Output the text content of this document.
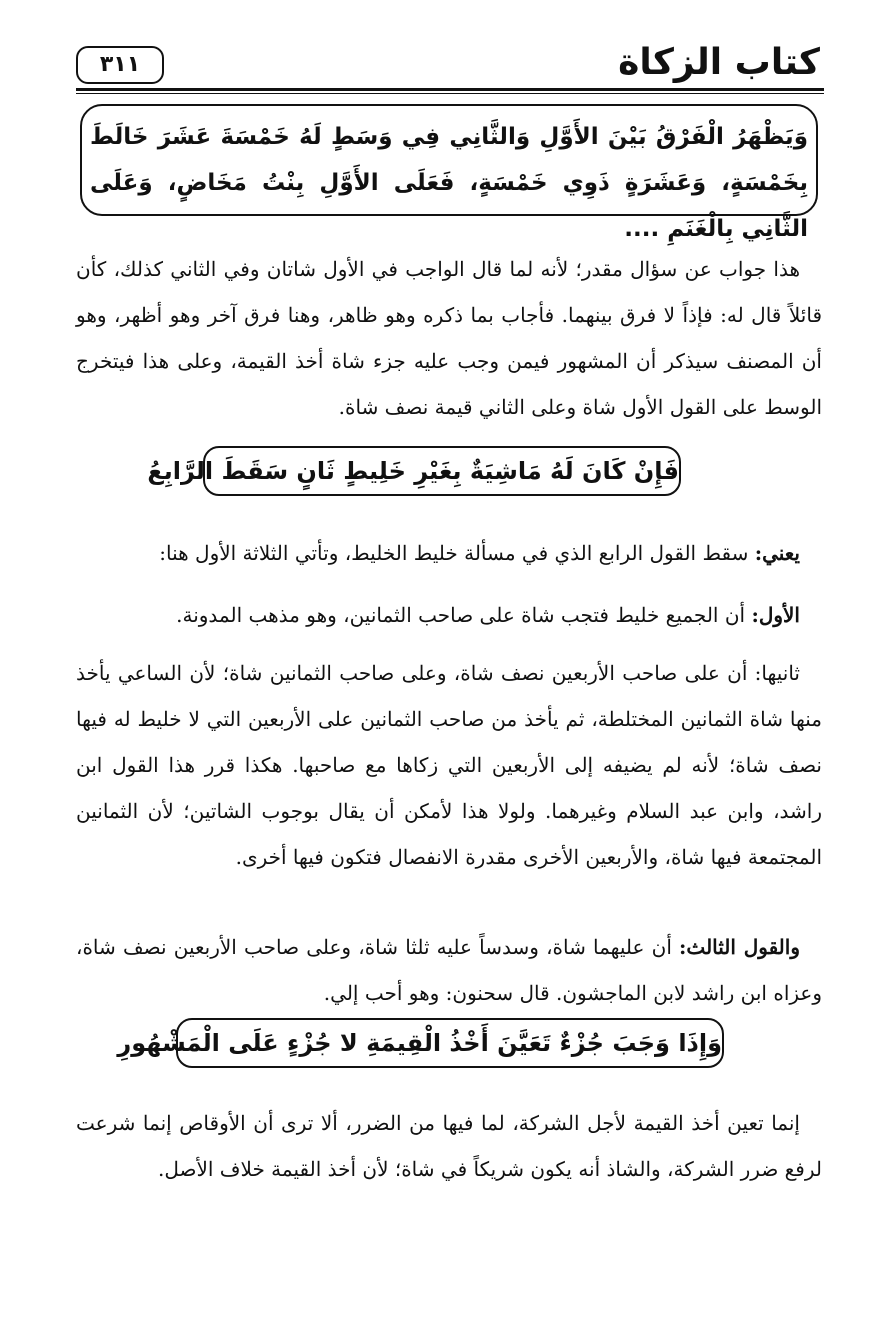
كتاب الزكاة
٣١١
وَيَظْهَرُ الْفَرْقُ بَيْنَ الأَوَّلِ وَالثَّانِي فِي وَسَطٍ لَهُ خَمْسَةَ عَشَرَ خَالَطَ بِخَمْسَةٍ، وَعَشَرَةٍ ذَوِي خَمْسَةٍ، فَعَلَى الأَوَّلِ بِنْتُ مَخَاضٍ، وَعَلَى الثَّانِي بِالْغَنَمِ ....

هذا جواب عن سؤال مقدر؛ لأنه لما قال الواجب في الأول شاتان وفي الثاني كذلك، كأن قائلاً قال له: فإذاً لا فرق بينهما. فأجاب بما ذكره وهو ظاهر، وهنا فرق آخر وهو أظهر، وهو أن المصنف سيذكر أن المشهور فيمن وجب عليه جزء شاة أخذ القيمة، وعلى هذا فيتخرج الوسط على القول الأول شاة وعلى الثاني قيمة نصف شاة.

فَإِنْ كَانَ لَهُ مَاشِيَةٌ بِغَيْرِ خَلِيطٍ ثَانٍ سَقَطَ الرَّابِعُ

يعني: سقط القول الرابع الذي في مسألة خليط الخليط، وتأتي الثلاثة الأول هنا:

الأول: أن الجميع خليط فتجب شاة على صاحب الثمانين، وهو مذهب المدونة.

ثانيها: أن على صاحب الأربعين نصف شاة، وعلى صاحب الثمانين شاة؛ لأن الساعي يأخذ منها شاة الثمانين المختلطة، ثم يأخذ من صاحب الثمانين على الأربعين التي لا خليط له فيها نصف شاة؛ لأنه لم يضيفه إلى الأربعين التي زكاها مع صاحبها. هكذا قرر هذا القول ابن راشد، وابن عبد السلام وغيرهما. ولولا هذا لأمكن أن يقال بوجوب الشاتين؛ لأن الثمانين المجتمعة فيها شاة، والأربعين الأخرى مقدرة الانفصال فتكون فيها أخرى.

والقول الثالث: أن عليهما شاة، وسدساً عليه ثلثا شاة، وعلى صاحب الأربعين نصف شاة، وعزاه ابن راشد لابن الماجشون. قال سحنون: وهو أحب إلي.

وَإِذَا وَجَبَ جُزْءٌ تَعَيَّنَ أَخْذُ الْقِيمَةِ لا جُزْءٍ عَلَى الْمَشْهُورِ

إنما تعين أخذ القيمة لأجل الشركة، لما فيها من الضرر، ألا ترى أن الأوقاص إنما شرعت لرفع ضرر الشركة، والشاذ أنه يكون شريكاً في شاة؛ لأن أخذ القيمة خلاف الأصل.
